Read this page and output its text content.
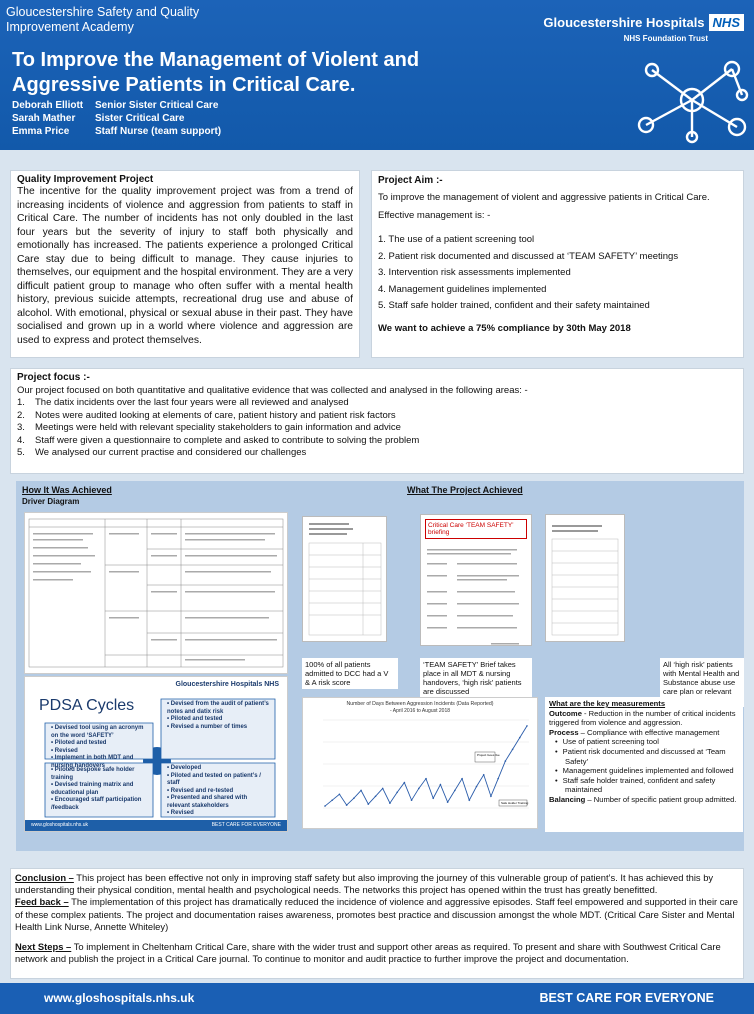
Gloucestershire Safety and Quality Improvement Academy	Gloucestershire Hospitals NHS
NHS Foundation Trust
To Improve the Management of Violent and Aggressive Patients in Critical Care.
Deborah Elliott	Senior Sister Critical Care
Sarah Mather	Sister Critical Care
Emma Price	Staff Nurse (team support)
Quality Improvement Project

The incentive for the quality improvement project was from a trend of increasing incidents of violence and aggression from patients to staff in Critical Care. The number of incidents has not only doubled in the last four years but the severity of injury to staff both physically and emotionally has increased. The patients experience a prolonged Critical Care stay due to being difficult to manage. They cause injuries to themselves, our equipment and the hospital environment. They are a very difficult patient group to manage who often suffer with a mental health history, previous suicide attempts, recreational drug use and abuse of alcohol. With emotional, physical or sexual abuse in their past. They have socialised and grown up in a world where violence and aggression are used to express and protect themselves.

Project Aim :-

To improve the management of violent and aggressive patients in Critical Care.

Effective management is: -

1. The use of a patient screening tool
2. Patient risk documented and discussed at ‘TEAM SAFETY’ meetings
3. Intervention risk assessments implemented
4. Management guidelines implemented
5. Staff safe holder trained, confident and their safety maintained

We want to achieve a 75% compliance by 30th May 2018

Project focus :-
Our project focused on both quantitative and qualitative evidence that was collected and analysed in the following areas: -
1. The datix incidents over the last four years were all reviewed and analysed
2. Notes were audited looking at elements of care, patient history and patient risk factors
3. Meetings were held with relevant speciality stakeholders to gain information and advice
4. Staff were given a questionnaire to complete and asked to contribute to solving the problem
5. We analysed our current practise and considered our challenges
How It Was Achieved
Driver Diagram
What The Project Achieved
Critical Care ‘TEAM SAFETY’ briefing
100% of all patients admitted to DCC had a V & A risk score
‘TEAM SAFETY’ Brief takes place in all MDT & nursing handovers, ‘high risk’ patients are discussed
All ‘high risk’ patients with Mental Health and Substance abuse use care plan or relevant
PDSA Cycles
Gloucestershire Hospitals NHS
• Devised tool using an acronym on the word ‘SAFETY’
• Piloted and tested
• Revised
• Implement in both MDT and nursing handovers
• Devised from the audit of patient’s notes and datix risk
• Piloted and tested
• Revised a number of times
• Piloted bespoke safe holder training
• Devised training matrix and educational plan
• Encouraged staff participation /feedback
• Developed
• Piloted and tested on patient’s / staff
• Revised and re-tested
• Presented and shared with relevant stakeholders
• Revised
www.gloshospitals.nhs.uk	BEST CARE FOR EVERYONE
Number of Days Between Aggression Incidents (Data Reported)
- April 2016 to August 2018
Project Goes live
Safe Holder Training
What are the key measurements
Outcome - Reduction in the number of critical incidents triggered from violence and aggression.
Process – Compliance with effective management
• Use of patient screening tool
• Patient risk documented and discussed at ‘Team Safety’
• Management guidelines implemented and followed
• Staff safe holder trained, confident and safety maintained
Balancing – Number of specific patient group admitted.

Conclusion – This project has been effective not only in improving staff safety but also improving the journey of this vulnerable group of patient’s. It has achieved this by understanding their physical condition, mental health and psychological needs. The networks this project has opened within the trust has greatly benefitted.

Feed back – The implementation of this project has dramatically reduced the incidence of violence and aggressive episodes. Staff feel empowered and supported in their care of these complex patients. The project and documentation raises awareness, promotes best practice and discussion amongst the whole MDT. (Critical Care Sister and Mental Health Link Nurse, Annette Whiteley)

Next Steps – To implement in Cheltenham Critical Care, share with the wider trust and support other areas as required. To present and share with Southwest Critical Care network and publish the project in a Critical Care journal. To continue to monitor and audit practice to further improve the project and documentation.

www.gloshospitals.nhs.uk	BEST CARE FOR EVERYONE
